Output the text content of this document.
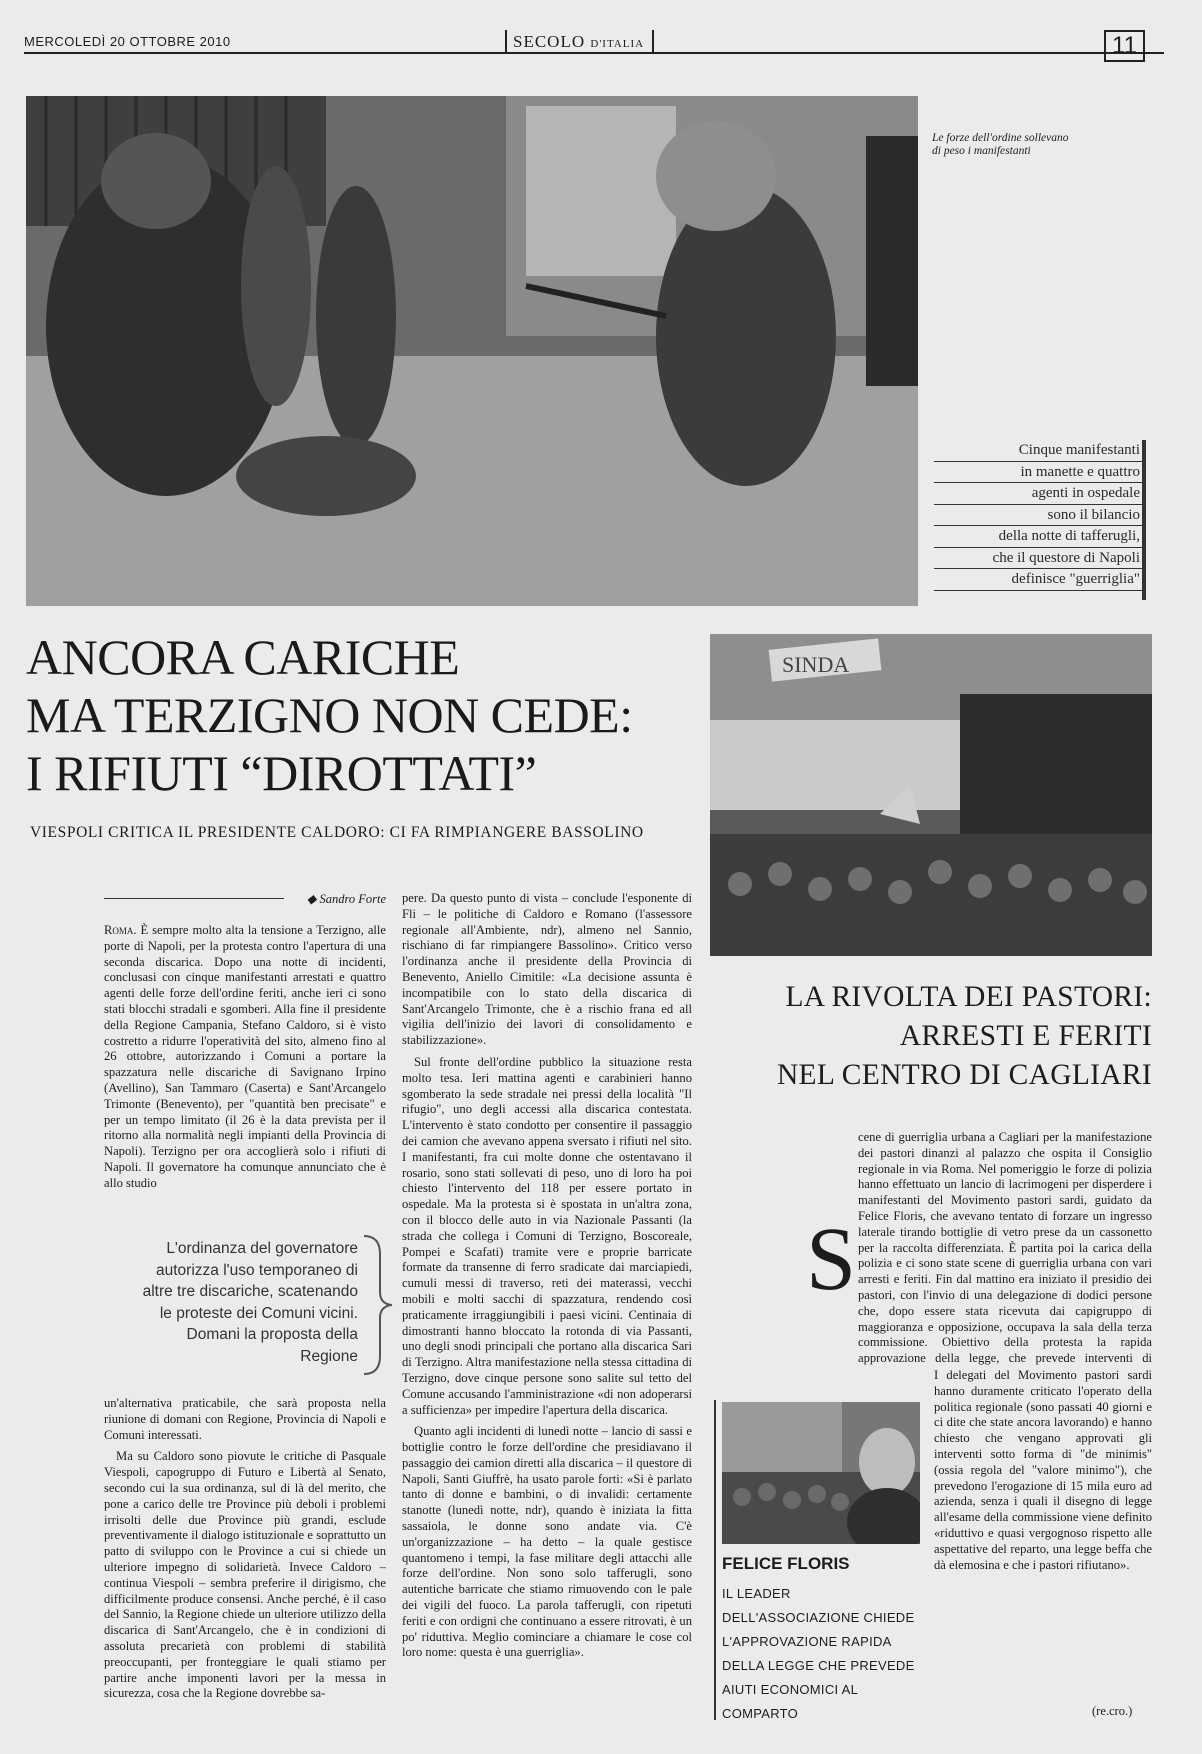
MERCOLEDÌ 20 OTTOBRE 2010	SECOLO D'ITALIA	11
Le forze dell'ordine sollevano di peso i manifestanti
Cinque manifestanti
in manette e quattro
agenti in ospedale
sono il bilancio
della notte di tafferugli,
che il questore di Napoli
definisce "guerriglia"
ANCORA CARICHE
MA TERZIGNO NON CEDE:
I RIFIUTI “DIROTTATI”
VIESPOLI CRITICA IL PRESIDENTE CALDORO: CI FA RIMPIANGERE BASSOLINO
◆ Sandro Forte

Roma. È sempre molto alta la tensione a Terzigno, alle porte di Napoli, per la protesta contro l'apertura di una seconda discarica. Dopo una notte di incidenti, conclusasi con cinque manifestanti arrestati e quattro agenti delle forze dell'ordine feriti, anche ieri ci sono stati blocchi stradali e sgomberi. Alla fine il presidente della Regione Campania, Stefano Caldoro, si è visto costretto a ridurre l'operatività del sito, almeno fino al 26 ottobre, autorizzando i Comuni a portare la spazzatura nelle discariche di Savignano Irpino (Avellino), San Tammaro (Caserta) e Sant'Arcangelo Trimonte (Benevento), per "quantità ben precisate" e per un tempo limitato (il 26 è la data prevista per il ritorno alla normalità negli impianti della Provincia di Napoli). Terzigno per ora accoglierà solo i rifiuti di Napoli. Il governatore ha comunque annunciato che è allo studio

L'ordinanza del governatore autorizza l'uso temporaneo di altre tre discariche, scatenando le proteste dei Comuni vicini. Domani la proposta della Regione

un'alternativa praticabile, che sarà proposta nella riunione di domani con Regione, Provincia di Napoli e Comuni interessati.

Ma su Caldoro sono piovute le critiche di Pasquale Viespoli, capogruppo di Futuro e Libertà al Senato, secondo cui la sua ordinanza, sul di là del merito, che pone a carico delle tre Province più deboli i problemi irrisolti delle due Province più grandi, esclude preventivamente il dialogo istituzionale e soprattutto un patto di sviluppo con le Province a cui si chiede un ulteriore impegno di solidarietà. Invece Caldoro – continua Viespoli – sembra preferire il dirigismo, che difficilmente produce consensi. Anche perché, è il caso del Sannio, la Regione chiede un ulteriore utilizzo della discarica di Sant'Arcangelo, che è in condizioni di assoluta precarietà con problemi di stabilità preoccupanti, per fronteggiare le quali stiamo per partire anche imponenti lavori per la messa in sicurezza, cosa che la Regione dovrebbe sa-

pere. Da questo punto di vista – conclude l'esponente di Fli – le politiche di Caldoro e Romano (l'assessore regionale all'Ambiente, ndr), almeno nel Sannio, rischiano di far rimpiangere Bassolino». Critico verso l'ordinanza anche il presidente della Provincia di Benevento, Aniello Cimitile: «La decisione assunta è incompatibile con lo stato della discarica di Sant'Arcangelo Trimonte, che è a rischio frana ed all vigilia dell'inizio dei lavori di consolidamento e stabilizzazione».

Sul fronte dell'ordine pubblico la situazione resta molto tesa. Ieri mattina agenti e carabinieri hanno sgomberato la sede stradale nei pressi della località "Il rifugio", uno degli accessi alla discarica contestata. L'intervento è stato condotto per consentire il passaggio dei camion che avevano appena sversato i rifiuti nel sito. I manifestanti, fra cui molte donne che ostentavano il rosario, sono stati sollevati di peso, uno di loro ha poi chiesto l'intervento del 118 per essere portato in ospedale. Ma la protesta si è spostata in un'altra zona, con il blocco delle auto in via Nazionale Passanti (la strada che collega i Comuni di Terzigno, Boscoreale, Pompei e Scafati) tramite vere e proprie barricate formate da transenne di ferro sradicate dai marciapiedi, cumuli messi di traverso, reti dei materassi, vecchi mobili e molti sacchi di spazzatura, rendendo così praticamente irraggiungibili i paesi vicini. Centinaia di dimostranti hanno bloccato la rotonda di via Passanti, uno degli snodi principali che portano alla discarica Sari di Terzigno. Altra manifestazione nella stessa cittadina di Terzigno, dove cinque persone sono salite sul tetto del Comune accusando l'amministrazione «di non adoperarsi a sufficienza» per impedire l'apertura della discarica.

Quanto agli incidenti di lunedì notte – lancio di sassi e bottiglie contro le forze dell'ordine che presidiavano il passaggio dei camion diretti alla discarica – il questore di Napoli, Santi Giuffrè, ha usato parole forti: «Si è parlato tanto di donne e bambini, o di invalidi: certamente stanotte (lunedì notte, ndr), quando è iniziata la fitta sassaiola, le donne sono andate via. C'è un'organizzazione – ha detto – la quale gestisce quantomeno i tempi, la fase militare degli attacchi alle forze dell'ordine. Non sono solo tafferugli, sono autentiche barricate che stiamo rimuovendo con le pale dei vigili del fuoco. La parola tafferugli, con ripetuti feriti e con ordigni che continuano a essere ritrovati, è un po' riduttiva. Meglio cominciare a chiamare le cose col loro nome: questa è una guerriglia».

SINDA
LA RIVOLTA DEI PASTORI:
ARRESTI E FERITI
NEL CENTRO DI CAGLIARI
S

cene di guerriglia urbana a Cagliari per la manifestazione dei pastori dinanzi al palazzo che ospita il Consiglio regionale in via Roma. Nel pomeriggio le forze di polizia hanno effettuato un lancio di lacrimogeni per disperdere i manifestanti del Movimento pastori sardi, guidato da Felice Floris, che avevano tentato di forzare un ingresso laterale tirando bottiglie di vetro prese da un cassonetto per la raccolta differenziata. È partita poi la carica della polizia e ci sono state scene di guerriglia urbana con vari arresti e feriti. Fin dal mattino era iniziato il presidio dei pastori, con l'invio di una delegazione di dodici persone che, dopo essere stata ricevuta dai capigruppo di maggioranza e opposizione, occupava la sala della terza commissione. Obiettivo della protesta la rapida approvazione della legge, che prevede interventi di

I delegati del Movimento pastori sardi hanno duramente criticato l'operato della politica regionale (sono passati 40 giorni e ci dite che state ancora lavorando) e hanno chiesto che vengano approvati gli interventi sotto forma di "de minimis" (ossia regola del "valore minimo"), che prevedono l'erogazione di 15 mila euro ad azienda, senza i quali il disegno di legge all'esame della commissione viene definito «riduttivo e quasi vergognoso rispetto alle aspettative del reparto, una legge beffa che dà elemosina e che i pastori rifiutano».

(re.cro.)
FELICE FLORIS
IL LEADER DELL'ASSOCIAZIONE CHIEDE L'APPROVAZIONE RAPIDA DELLA LEGGE CHE PREVEDE AIUTI ECONOMICI AL COMPARTO
